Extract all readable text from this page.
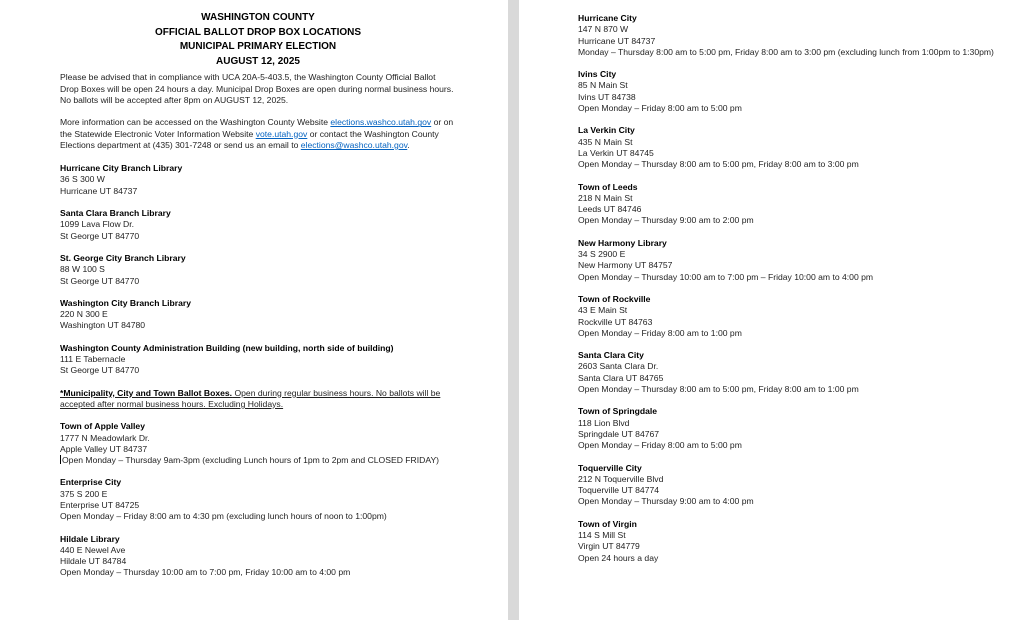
WASHINGTON COUNTY
OFFICIAL BALLOT DROP BOX LOCATIONS
MUNICIPAL PRIMARY ELECTION
AUGUST 12, 2025

Please be advised that in compliance with UCA 20A-5-403.5, the Washington County Official Ballot Drop Boxes will be open 24 hours a day. Municipal Drop Boxes are open during normal business hours. No ballots will be accepted after 8pm on AUGUST 12, 2025.

More information can be accessed on the Washington County Website elections.washco.utah.gov or on the Statewide Electronic Voter Information Website vote.utah.gov or contact the Washington County Elections department at (435) 301-7248 or send us an email to elections@washco.utah.gov.

Hurricane City Branch Library
36 S 300 W
Hurricane UT 84737
Santa Clara Branch Library
1099 Lava Flow Dr.
St George UT 84770
St. George City Branch Library
88 W 100 S
St George UT 84770
Washington City Branch Library
220 N 300 E
Washington UT 84780
Washington County Administration Building (new building, north side of building)
111 E Tabernacle
St George UT 84770

*Municipality, City and Town Ballot Boxes. Open during regular business hours. No ballots will be accepted after normal business hours. Excluding Holidays.

Town of Apple Valley
1777 N Meadowlark Dr.
Apple Valley UT 84737
Open Monday – Thursday 9am-3pm (excluding Lunch hours of 1pm to 2pm and CLOSED FRIDAY)
Enterprise City
375 S 200 E
Enterprise UT 84725
Open Monday – Friday 8:00 am to 4:30 pm (excluding lunch hours of noon to 1:00pm)
Hildale Library
440 E Newel Ave
Hildale UT 84784
Open Monday – Thursday 10:00 am to 7:00 pm, Friday 10:00 am to 4:00 pm
Hurricane City
147 N 870 W
Hurricane UT 84737
Monday – Thursday 8:00 am to 5:00 pm, Friday 8:00 am to 3:00 pm (excluding lunch from 1:00pm to 1:30pm)
Ivins City
85 N Main St
Ivins UT 84738
Open Monday – Friday 8:00 am to 5:00 pm
La Verkin City
435 N Main St
La Verkin UT 84745
Open Monday – Thursday 8:00 am to 5:00 pm, Friday 8:00 am to 3:00 pm
Town of Leeds
218 N Main St
Leeds UT 84746
Open Monday – Thursday 9:00 am to 2:00 pm
New Harmony Library
34 S 2900 E
New Harmony UT 84757
Open Monday – Thursday 10:00 am to 7:00 pm – Friday 10:00 am to 4:00 pm
Town of Rockville
43 E Main St
Rockville UT 84763
Open Monday – Friday 8:00 am to 1:00 pm
Santa Clara City
2603 Santa Clara Dr.
Santa Clara UT 84765
Open Monday – Thursday 8:00 am to 5:00 pm, Friday 8:00 am to 1:00 pm
Town of Springdale
118 Lion Blvd
Springdale UT 84767
Open Monday – Friday 8:00 am to 5:00 pm
Toquerville City
212 N Toquerville Blvd
Toquerville UT 84774
Open Monday – Thursday 9:00 am to 4:00 pm
Town of Virgin
114 S Mill St
Virgin UT 84779
Open 24 hours a day
